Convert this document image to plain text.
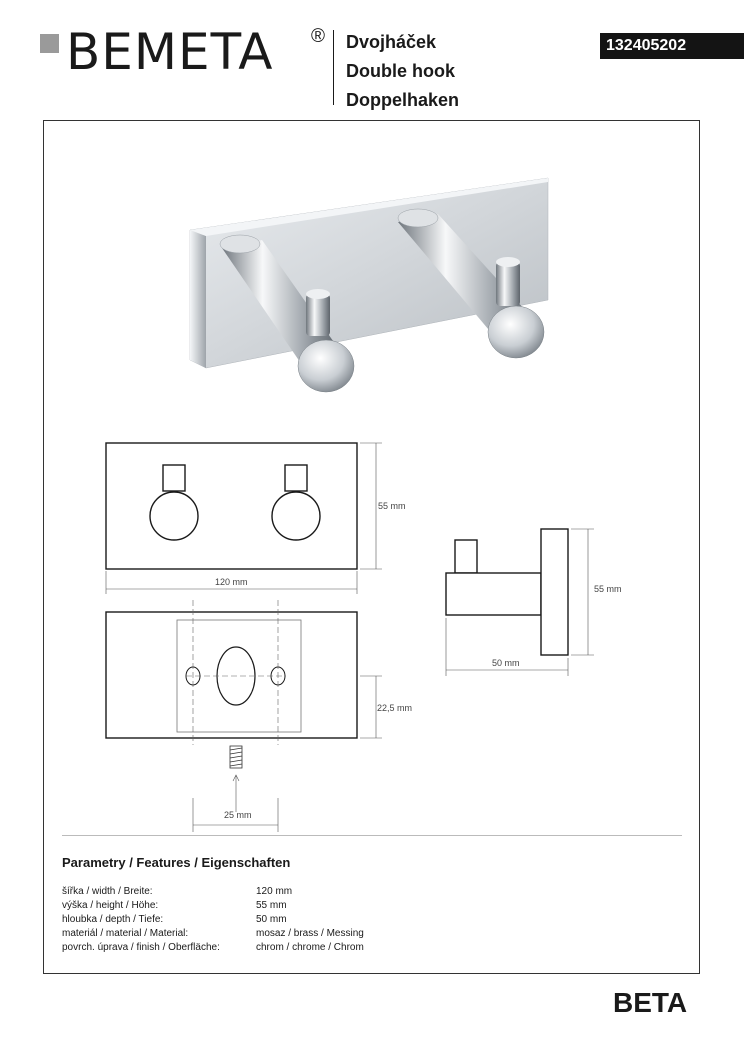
BEMETA ® Dvojháček
Double hook
Doppelhaken
132405202
120 mm
55 mm
25 mm
22,5 mm
50 mm
55 mm
Parametry / Features / Eigenschaften
šířka / width / Breite:	120 mm
výška / height / Höhe:	55 mm
hloubka / depth / Tiefe:	50 mm
materiál / material / Material:	mosaz / brass / Messing
povrch. úprava / finish / Oberfläche:	chrom / chrome / Chrom
BETA
